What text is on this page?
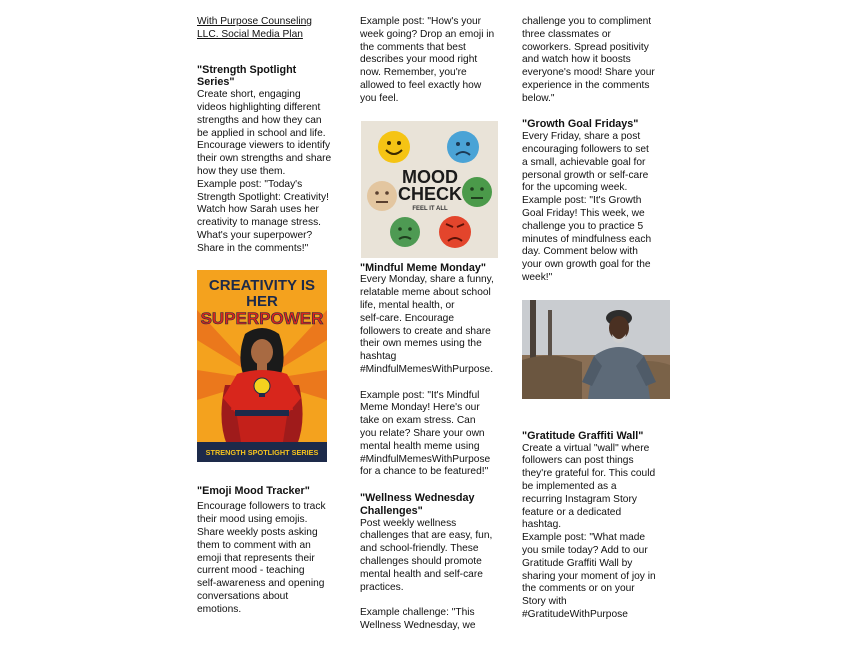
With Purpose Counseling
LLC. Social Media Plan

"Strength Spotlight
Series"

Create short, engaging
videos highlighting different
strengths and how they can
be applied in school and life.
Encourage viewers to identify
their own strengths and share
how they use them.
Example post: "Today's
Strength Spotlight: Creativity!
Watch how Sarah uses her
creativity to manage stress.
What's your superpower?
Share in the comments!"

CREATIVITY IS
HER
SUPERPOWER
STRENGTH SPOTLIGHT SERIES

"Emoji Mood Tracker"

Encourage followers to track
their mood using emojis.
Share weekly posts asking
them to comment with an
emoji that represents their
current mood - teaching
self-awareness and opening
conversations about
emotions.

Example post: "How's your
week going? Drop an emoji in
the comments that best
describes your mood right
now. Remember, you're
allowed to feel exactly how
you feel.

MOOD
CHECK
FEEL IT ALL

"Mindful Meme Monday"

Every Monday, share a funny,
relatable meme about school
life, mental health, or
self-care. Encourage
followers to create and share
their own memes using the
hashtag
#MindfulMemesWithPurpose.

Example post: "It's Mindful
Meme Monday! Here's our
take on exam stress. Can
you relate? Share your own
mental health meme using
#MindfulMemesWithPurpose
for a chance to be featured!"

"Wellness Wednesday
Challenges"

Post weekly wellness
challenges that are easy, fun,
and school-friendly. These
challenges should promote
mental health and self-care
practices.

Example challenge: "This
Wellness Wednesday, we

challenge you to compliment
three classmates or
coworkers. Spread positivity
and watch how it boosts
everyone's mood! Share your
experience in the comments
below."

"Growth Goal Fridays"

Every Friday, share a post
encouraging followers to set
a small, achievable goal for
personal growth or self-care
for the upcoming week.
Example post: "It's Growth
Goal Friday! This week, we
challenge you to practice 5
minutes of mindfulness each
day. Comment below with
your own growth goal for the
week!"

"Gratitude Graffiti Wall"

Create a virtual "wall" where
followers can post things
they're grateful for. This could
be implemented as a
recurring Instagram Story
feature or a dedicated
hashtag.
Example post: "What made
you smile today? Add to our
Gratitude Graffiti Wall by
sharing your moment of joy in
the comments or on your
Story with
#GratitudeWithPurpose
